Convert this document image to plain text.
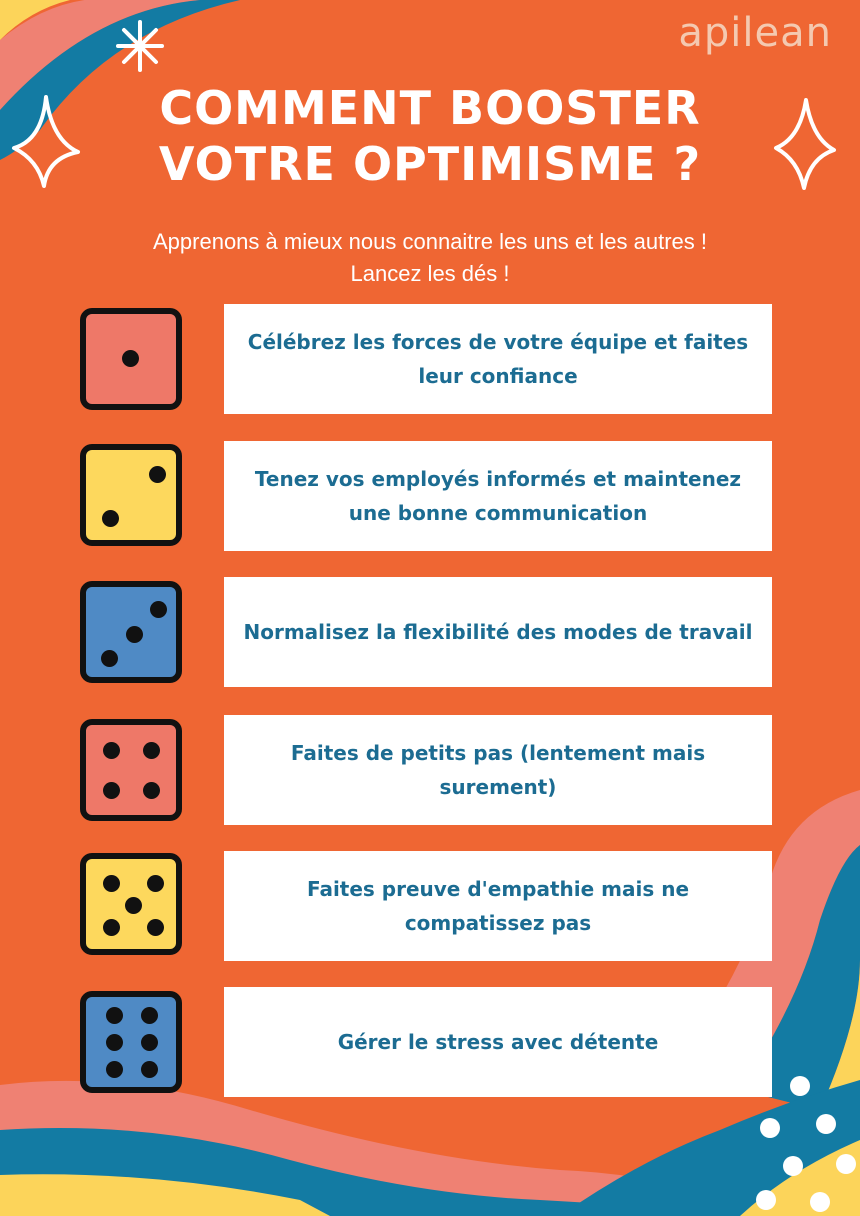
apilean
COMMENT BOOSTER
VOTRE OPTIMISME ?
Apprenons à mieux nous connaitre les uns et les autres !
Lancez les dés !
Célébrez les forces de votre équipe et faites leur confiance
Tenez vos employés informés et maintenez une bonne communication
Normalisez la flexibilité des modes de travail
Faites de petits pas (lentement mais surement)
Faites preuve d'empathie mais ne compatissez pas
Gérer le stress avec détente
